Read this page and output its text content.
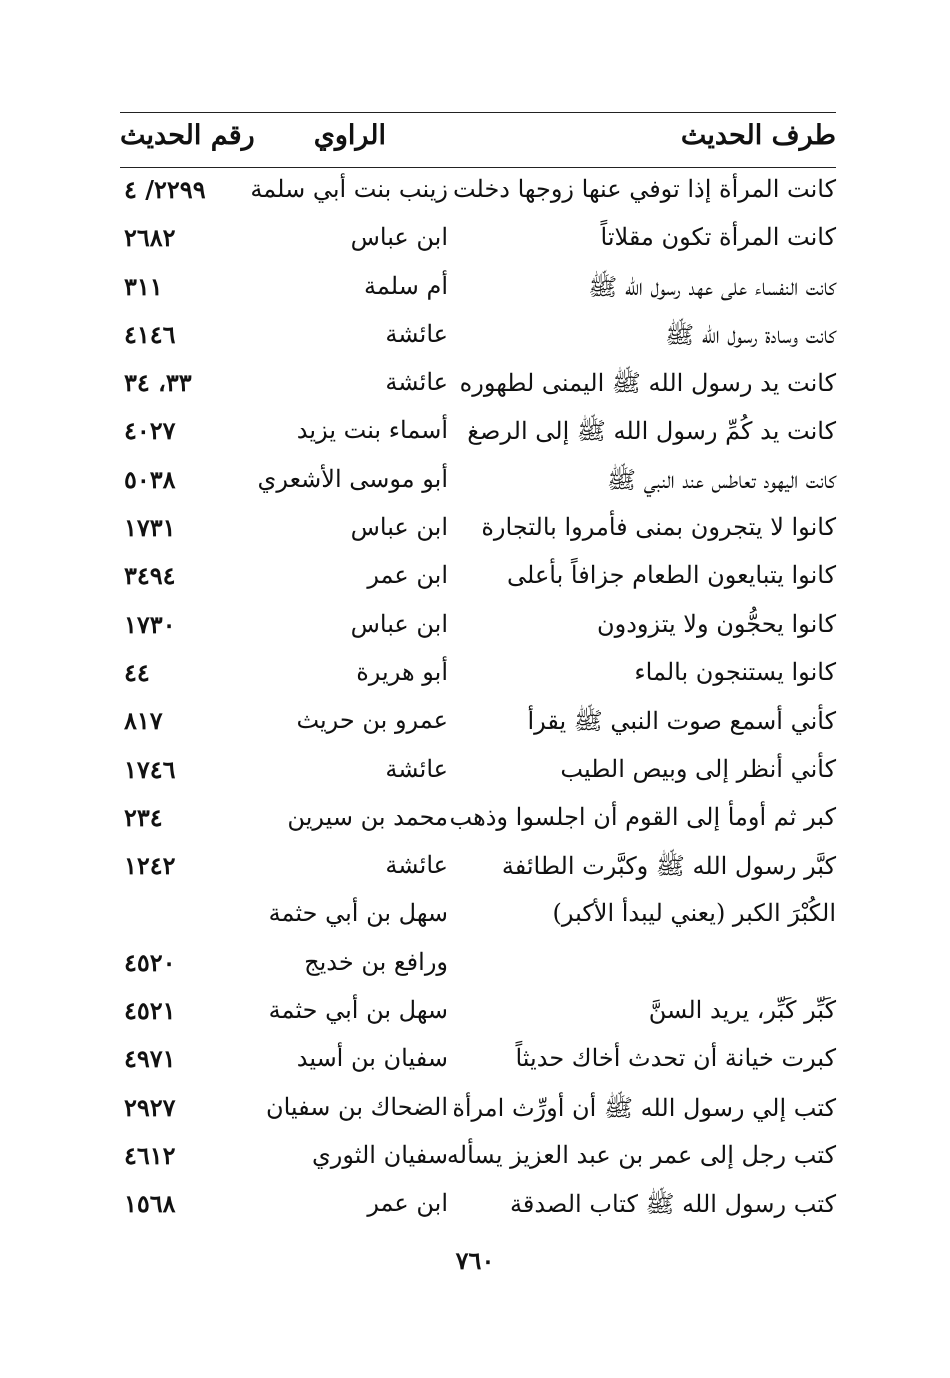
طرف الحديث
الراوي
رقم الحديث
كانت المرأة إذا توفي عنها زوجها دخلت
زينب بنت أبي سلمة
٢٢٩٩/ ٤
كانت المرأة تكون مقلاتاً
ابن عباس
٢٦٨٢
كانت النفساء على عهد رسول الله ﷺ
أم سلمة
٣١١
كانت وسادة رسول الله ﷺ
عائشة
٤١٤٦
كانت يد رسول الله ﷺ اليمنى لطهوره
عائشة
٣٣، ٣٤
كانت يد كُمِّ رسول الله ﷺ إلى الرصغ
أسماء بنت يزيد
٤٠٢٧
كانت اليهود تعاطس عند النبي ﷺ
أبو موسى الأشعري
٥٠٣٨
كانوا لا يتجرون بمنى فأمروا بالتجارة
ابن عباس
١٧٣١
كانوا يتبايعون الطعام جزافاً بأعلى
ابن عمر
٣٤٩٤
كانوا يحجُّون ولا يتزودون
ابن عباس
١٧٣٠
كانوا يستنجون بالماء
أبو هريرة
٤٤
كأني أسمع صوت النبي ﷺ يقرأ
عمرو بن حريث
٨١٧
كأني أنظر إلى وبيص الطيب
عائشة
١٧٤٦
كبر ثم أومأ إلى القوم أن اجلسوا وذهب
محمد بن سيرين
٢٣٤
كبَّر رسول الله ﷺ وكبَّرت الطائفة
عائشة
١٢٤٢
الكُبْرَ الكبر (يعني ليبدأ الأكبر)
سهل بن أبي حثمة
ورافع بن خديج
٤٥٢٠
كَبِّر كَبِّر، يريد السنَّ
سهل بن أبي حثمة
٤٥٢١
كبرت خيانة أن تحدث أخاك حديثاً
سفيان بن أسيد
٤٩٧١
كتب إلي رسول الله ﷺ أن أورِّث امرأة
الضحاك بن سفيان
٢٩٢٧
كتب رجل إلى عمر بن عبد العزيز يسأله
سفيان الثوري
٤٦١٢
كتب رسول الله ﷺ كتاب الصدقة
ابن عمر
١٥٦٨
٧٦٠
